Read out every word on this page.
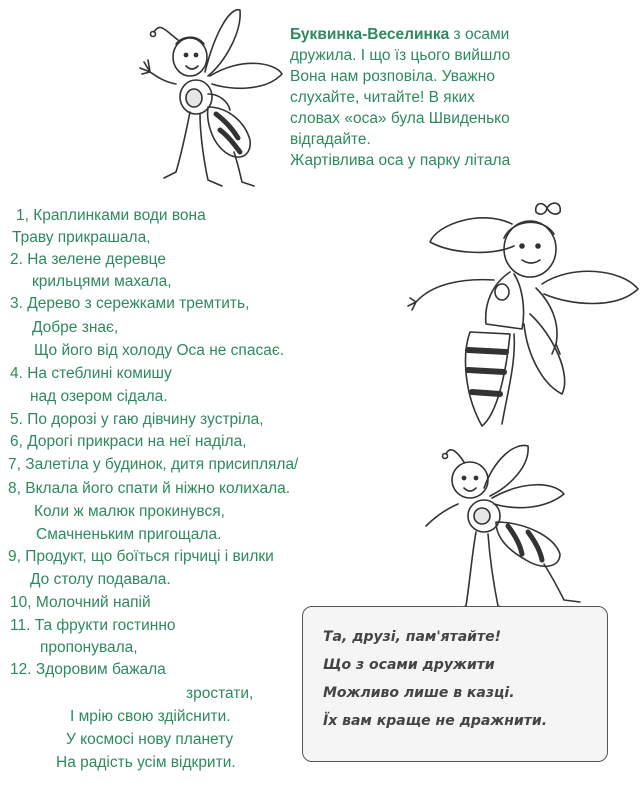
Буквинка-Веселинка з осами
дружила. І що їз цього вийшло
Вона нам розповіла. Уважно
слухайте, читайте! В яких
словах «оса» була Швиденько
відгадайте.
Жартівлива оса у парку літала
1, Краплинками води вона
Траву прикрашала,
2. На зелене деревце
крильцями махала,
3. Дерево з сережками тремтить,
Добре знає,
Що його від холоду Оса не спасає.
4. На стеблині комишу
над озером сідала.
5. По дорозі у гаю дівчину зустріла,
6, Дорогі прикраси на неї наділа,
7, Залетіла у будинок, дитя присипляла/
8, Вклала його спати й ніжно колихала.
Коли ж малюк прокинувся,
Смачненьким пригощала.
9, Продукт, що боїться гірчиці і вилки
До столу подавала.
10, Молочний напій
11. Та фрукти гостинно
пропонувала,
12. Здоровим бажала
зростати,
І мрію свою здійснити.
У космосі нову планету
На радість усім відкрити.
Та, друзі, пам'ятайте!
Що з осами дружити
Можливо лише в казці.
Їх вам краще не дражнити.
